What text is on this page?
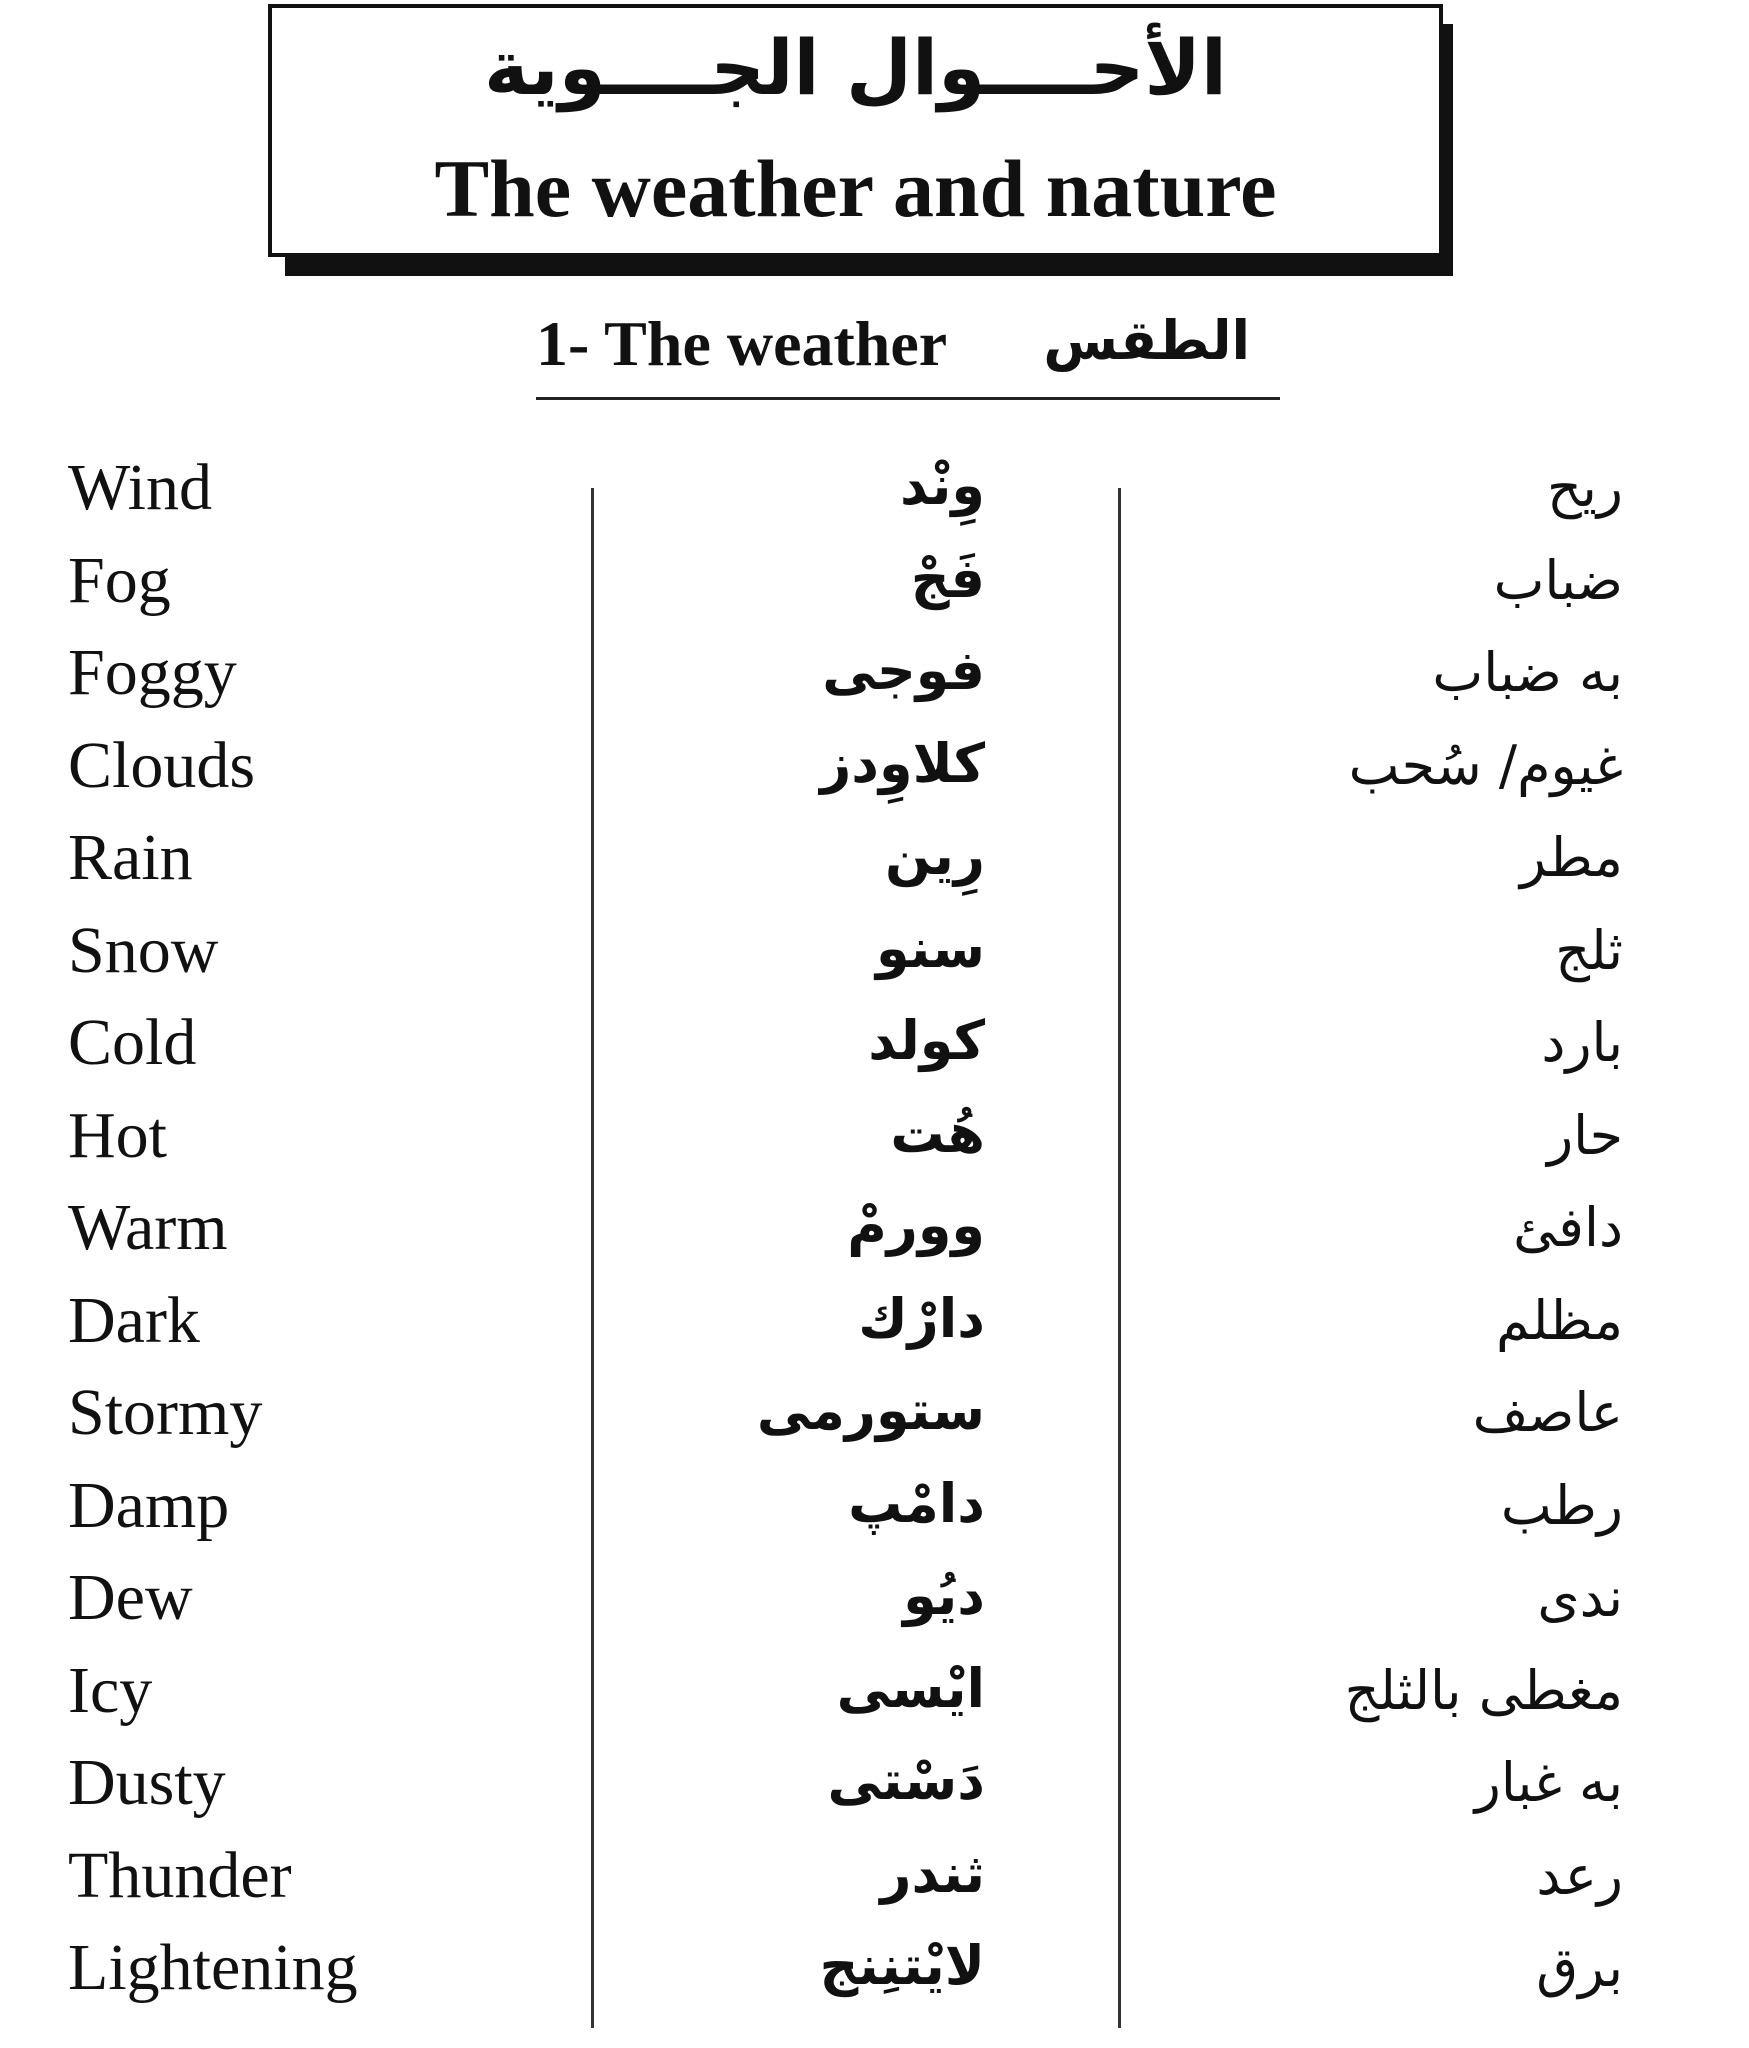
الأحــــوال الجــــوية
The weather and nature
1- The weather الطقس
Wind	وِنْد	ريح
Fog	فَجْ	ضباب
Foggy	فوجى	به ضباب
Clouds	كلاوِدز	غيوم/ سُحب
Rain	رِين	مطر
Snow	سنو	ثلج
Cold	كولد	بارد
Hot	هُت	حار
Warm	وورمْ	دافئ
Dark	دارْك	مظلم
Stormy	ستورمى	عاصف
Damp	دامْپ	رطب
Dew	ديُو	ندى
Icy	ايْسى	مغطى بالثلج
Dusty	دَسْتى	به غبار
Thunder	ثندر	رعد
Lightening	لايْتنِنج	برق
